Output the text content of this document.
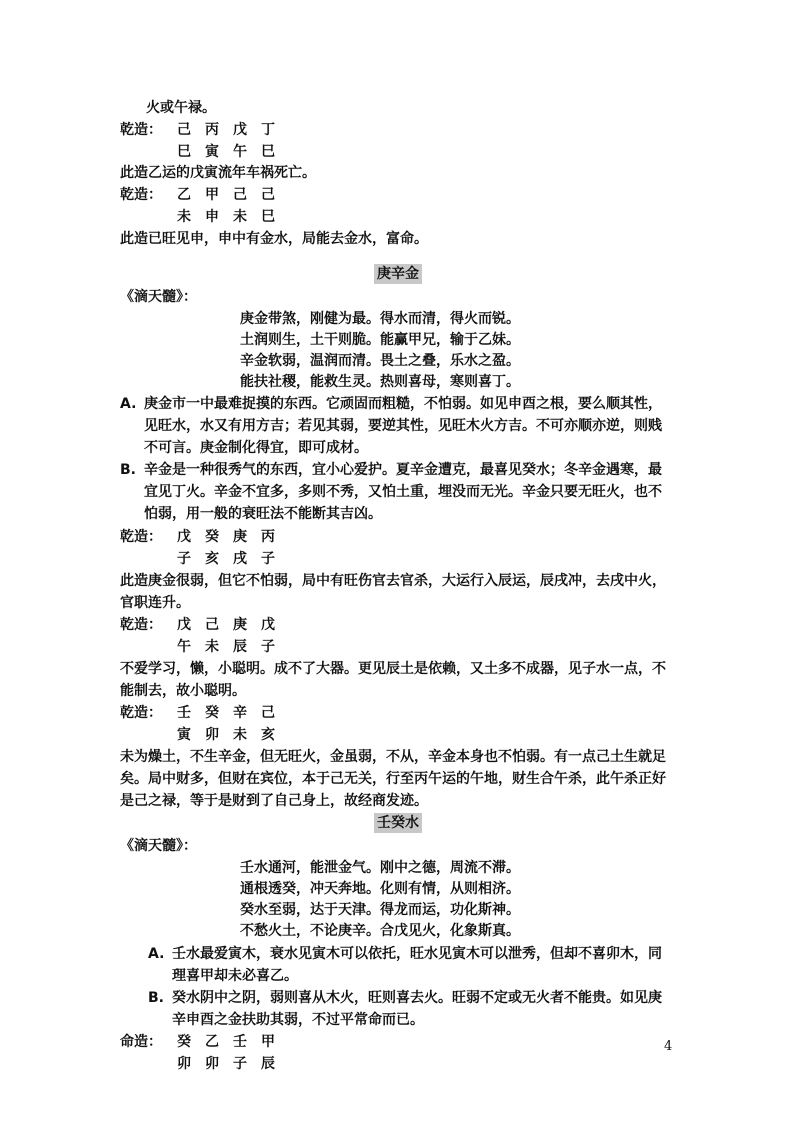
火或午禄。
乾造： 己　丙　戊　丁
巳　寅　午　巳
此造乙运的戊寅流年车祸死亡。
乾造： 乙　甲　己　己
未　申　未　巳
此造已旺见申，申中有金水，局能去金水，富命。
庚辛金
《滴天髓》：
庚金带煞，刚健为最。得水而清，得火而锐。
土润则生，土干则脆。能赢甲兄，输于乙妹。
辛金软弱，温润而清。畏土之叠，乐水之盈。
能扶社稷，能救生灵。热则喜母，寒则喜丁。
A. 庚金市一中最难捉摸的东西。它顽固而粗糙，不怕弱。如见申酉之根，要么顺其性，
见旺水，水又有用方吉；若见其弱，要逆其性，见旺木火方吉。不可亦顺亦逆，则贱
不可言。庚金制化得宜，即可成材。
B. 辛金是一种很秀气的东西，宜小心爱护。夏辛金遭克，最喜见癸水；冬辛金遇寒，最
宜见丁火。辛金不宜多，多则不秀，又怕土重，埋没而无光。辛金只要无旺火，也不
怕弱，用一般的衰旺法不能断其吉凶。
乾造： 戊　癸　庚　丙
子　亥　戌　子
此造庚金很弱，但它不怕弱，局中有旺伤官去官杀，大运行入辰运，辰戌冲，去戌中火，
官职连升。
乾造： 戊　己　庚　戊
午　未　辰　子
不爱学习，懒，小聪明。成不了大器。更见辰土是依赖，又土多不成器，见子水一点，不
能制去，故小聪明。
乾造： 壬　癸　辛　己
寅　卯　未　亥
未为燥土，不生辛金，但无旺火，金虽弱，不从，辛金本身也不怕弱。有一点己土生就足
矣。局中财多，但财在宾位，本于己无关，行至丙午运的午地，财生合午杀，此午杀正好
是己之禄，等于是财到了自己身上，故经商发迹。
壬癸水
《滴天髓》：
壬水通河，能泄金气。刚中之德，周流不滞。
通根透癸，冲天奔地。化则有情，从则相济。
癸水至弱，达于天津。得龙而运，功化斯神。
不愁火土，不论庚辛。合戊见火，化象斯真。
A. 壬水最爱寅木，衰水见寅木可以依托，旺水见寅木可以泄秀，但却不喜卯木，同
理喜甲却未必喜乙。
B. 癸水阴中之阴，弱则喜从木火，旺则喜去火。旺弱不定或无火者不能贵。如见庚
辛申酉之金扶助其弱，不过平常命而已。
命造： 癸　乙　壬　甲
卯　卯　子　辰
4
